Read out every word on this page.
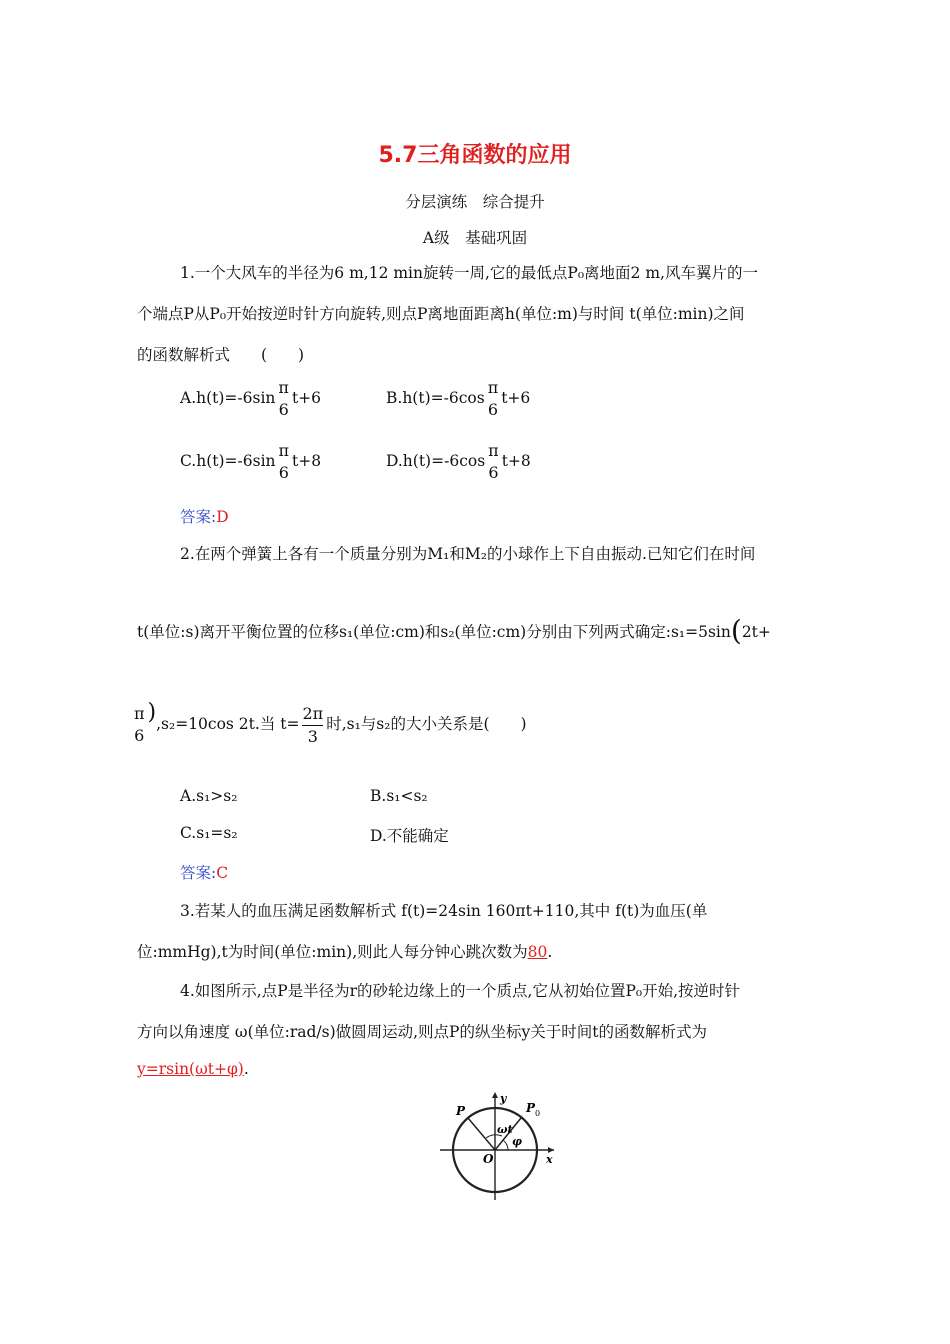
5.7三角函数的应用
分层演练　综合提升
A级　基础巩固
1.一个大风车的半径为6 m,12 min旋转一周,它的最低点P₀离地面2 m,风车翼片的一
个端点P从P₀开始按逆时针方向旋转,则点P离地面距离h(单位:m)与时间 t(单位:min)之间
的函数解析式　　(　　)
A.h(t)=-6sin
π
6
t+6	B.h(t)=-6cos
π
6
t+6
C.h(t)=-6sin
π
6
t+8	D.h(t)=-6cos
π
6
t+8
答案:D
2.在两个弹簧上各有一个质量分别为M₁和M₂的小球作上下自由振动.已知它们在时间
t(单位:s)离开平衡位置的位移s₁(单位:cm)和s₂(单位:cm)分别由下列两式确定:s₁=5sin(2t+
π
6
),s₂=10cos 2t.当 $t= \frac{2\pi}{3}$ 时,s₁与s₂的大小关系是(　　)
A.s₁>s₂	B.s₁<s₂
C.s₁=s₂	D.不能确定
答案:C
3.若某人的血压满足函数解析式 f(t)=24sin 160πt+110,其中 f(t)为血压(单
位:mmHg),t为时间(单位:min),则此人每分钟心跳次数为80.
4.如图所示,点P是半径为r的砂轮边缘上的一个质点,它从初始位置P₀开始,按逆时针
方向以角速度 ω(单位:rad/s)做圆周运动,则点P的纵坐标y关于时间t的函数解析式为
y=rsin(ωt+φ).
P	P 0
O	x
y
ωt
φ
